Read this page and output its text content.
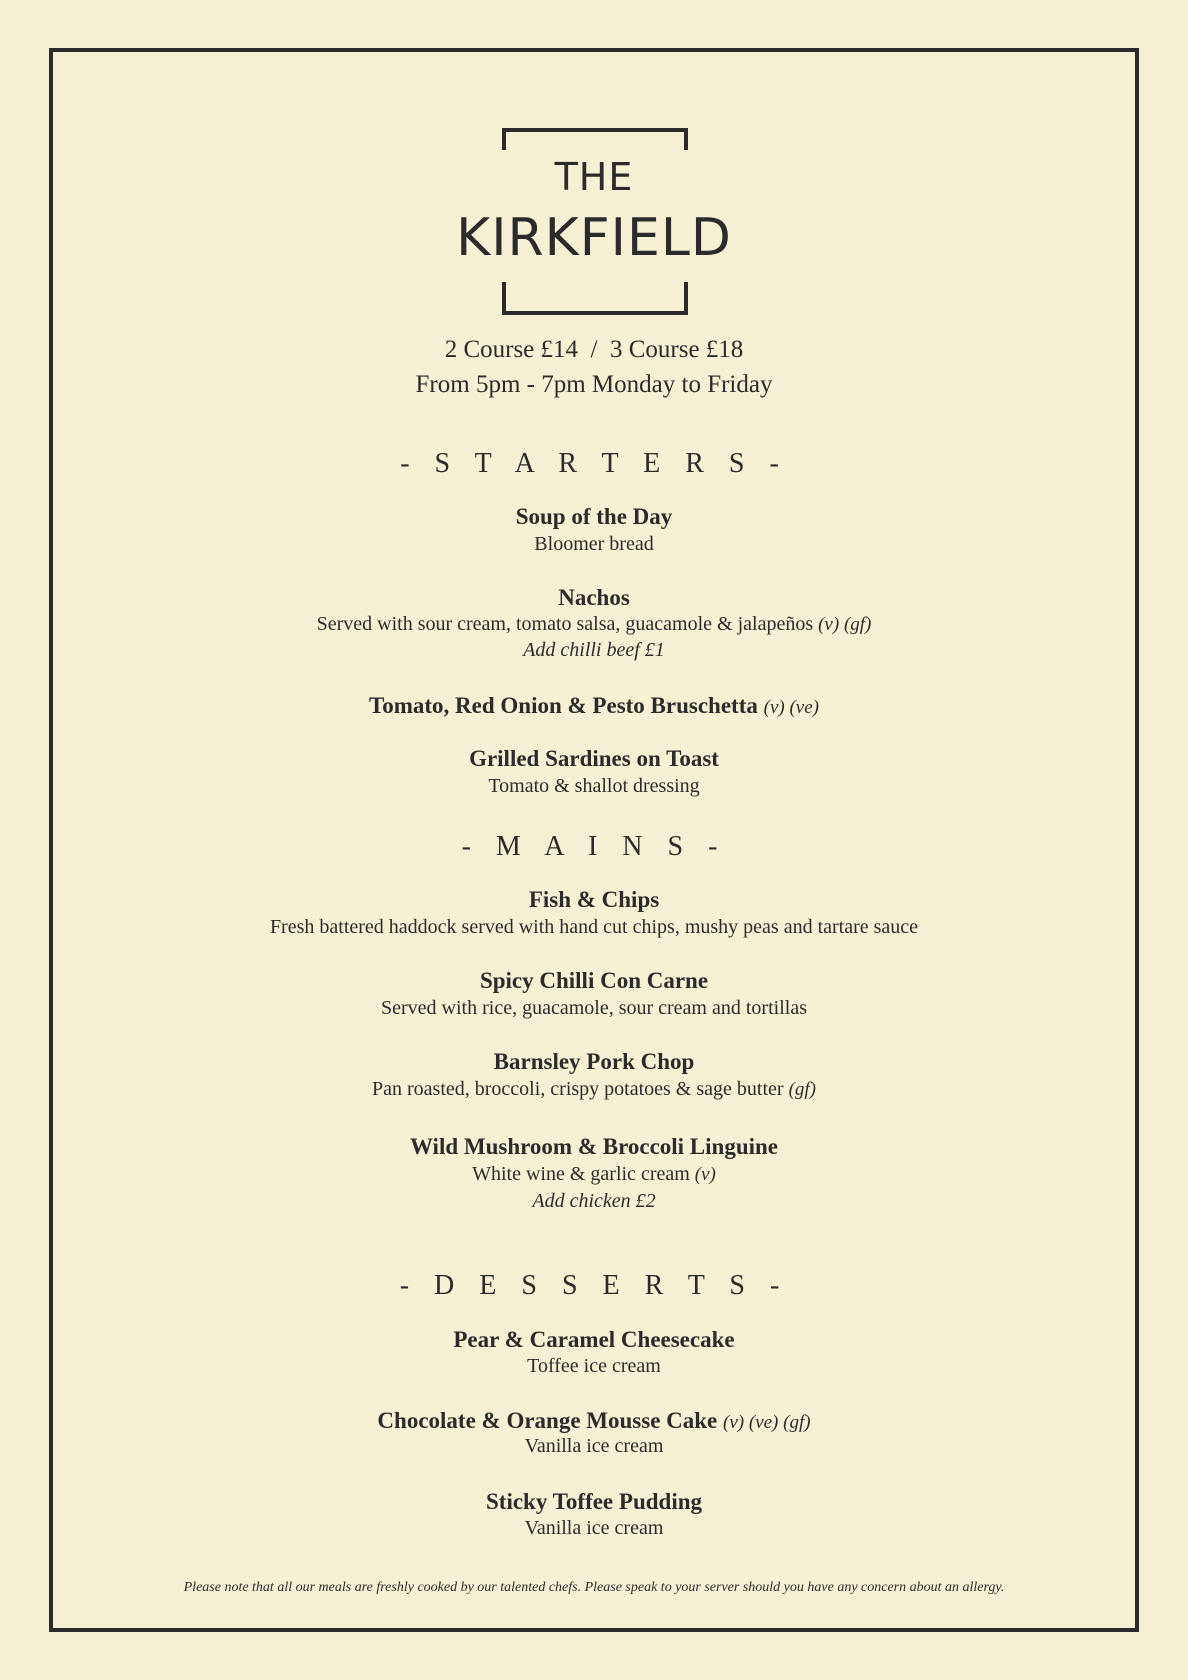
THE
KIRKFIELD
2 Course £14  /  3 Course £18
From 5pm - 7pm Monday to Friday
- S T A R T E R S -
Soup of the Day
Bloomer bread
Nachos
Served with sour cream, tomato salsa, guacamole & jalapeños (v) (gf)
Add chilli beef £1
Tomato, Red Onion & Pesto Bruschetta (v) (ve)
Grilled Sardines on Toast
Tomato & shallot dressing
- M A I N S -
Fish & Chips
Fresh battered haddock served with hand cut chips, mushy peas and tartare sauce
Spicy Chilli Con Carne
Served with rice, guacamole, sour cream and tortillas
Barnsley Pork Chop
Pan roasted, broccoli, crispy potatoes & sage butter (gf)
Wild Mushroom & Broccoli Linguine
White wine & garlic cream (v)
Add chicken £2
- D E S S E R T S -
Pear & Caramel Cheesecake
Toffee ice cream
Chocolate & Orange Mousse Cake (v) (ve) (gf)
Vanilla ice cream
Sticky Toffee Pudding
Vanilla ice cream
Please note that all our meals are freshly cooked by our talented chefs. Please speak to your server should you have any concern about an allergy.
